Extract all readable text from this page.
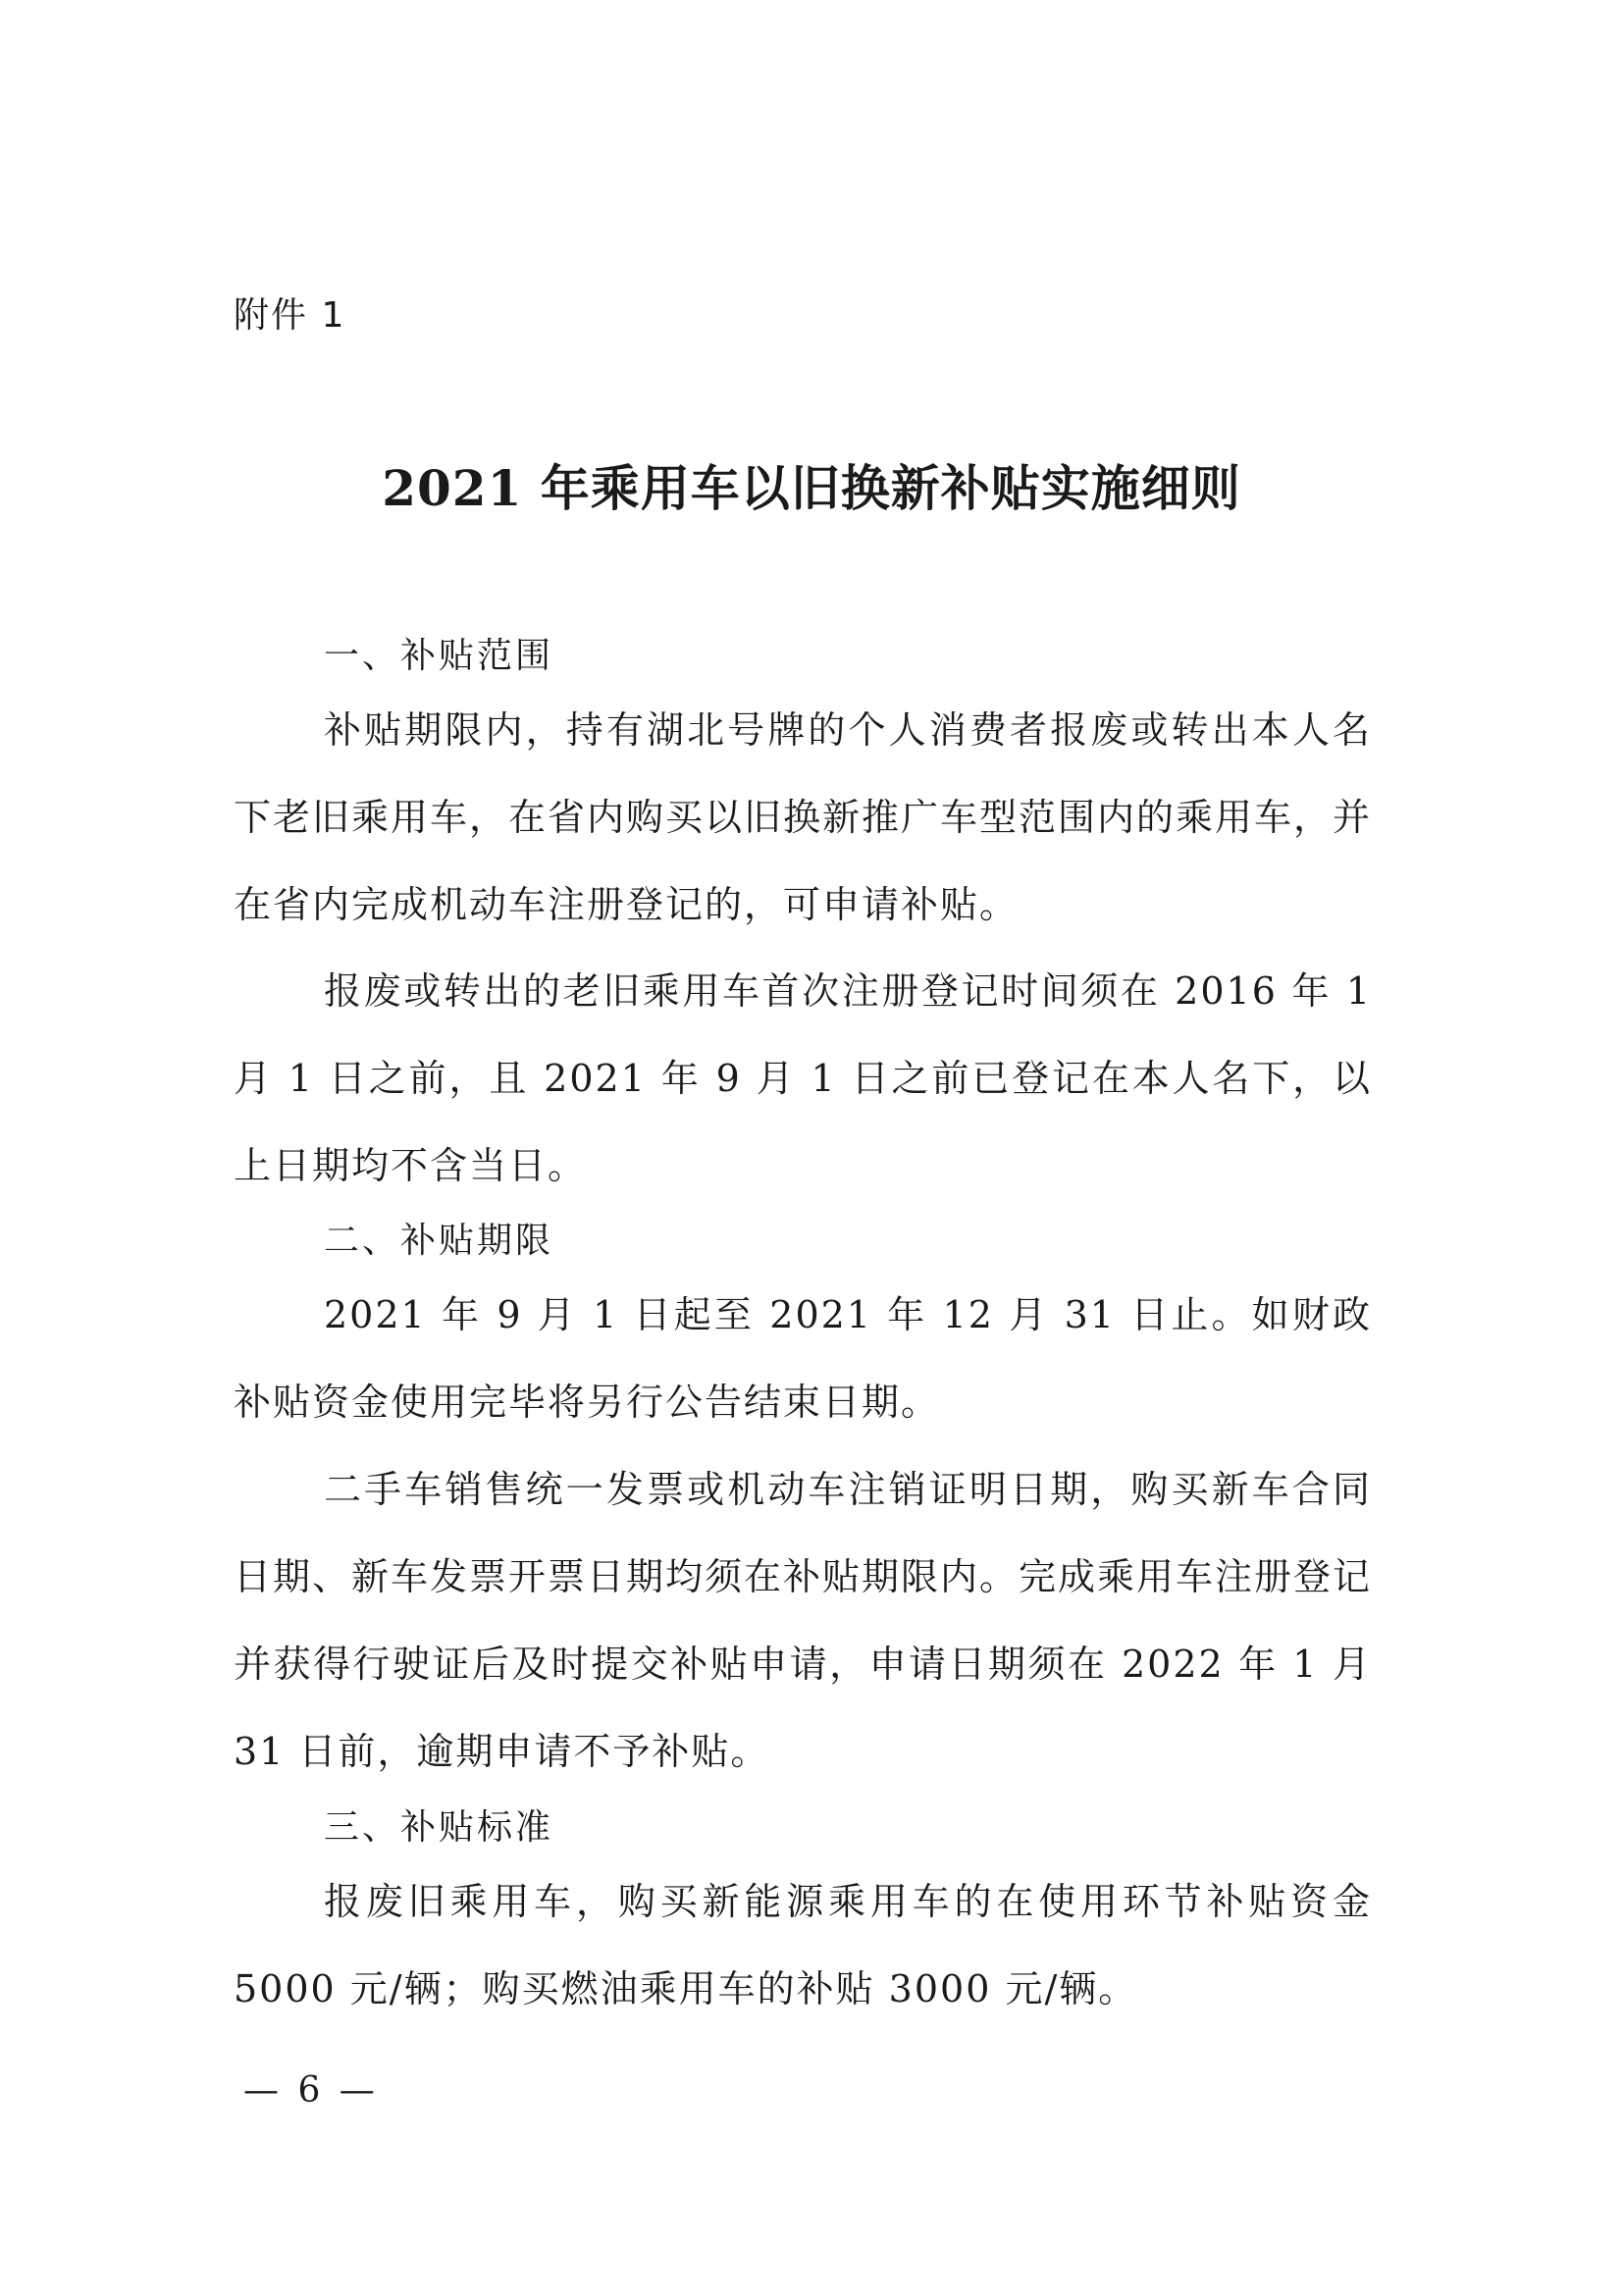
附件 1
2021 年乘用车以旧换新补贴实施细则
一、补贴范围

补贴期限内，持有湖北号牌的个人消费者报废或转出本人名下老旧乘用车，在省内购买以旧换新推广车型范围内的乘用车，并在省内完成机动车注册登记的，可申请补贴。

报废或转出的老旧乘用车首次注册登记时间须在 2016 年 1 月 1 日之前，且 2021 年 9 月 1 日之前已登记在本人名下，以上日期均不含当日。

二、补贴期限

2021 年 9 月 1 日起至 2021 年 12 月 31 日止。如财政补贴资金使用完毕将另行公告结束日期。

二手车销售统一发票或机动车注销证明日期，购买新车合同日期、新车发票开票日期均须在补贴期限内。完成乘用车注册登记并获得行驶证后及时提交补贴申请，申请日期须在 2022 年 1 月 31 日前，逾期申请不予补贴。

三、补贴标准

报废旧乘用车，购买新能源乘用车的在使用环节补贴资金 5000 元/辆；购买燃油乘用车的补贴 3000 元/辆。

— 6 —
